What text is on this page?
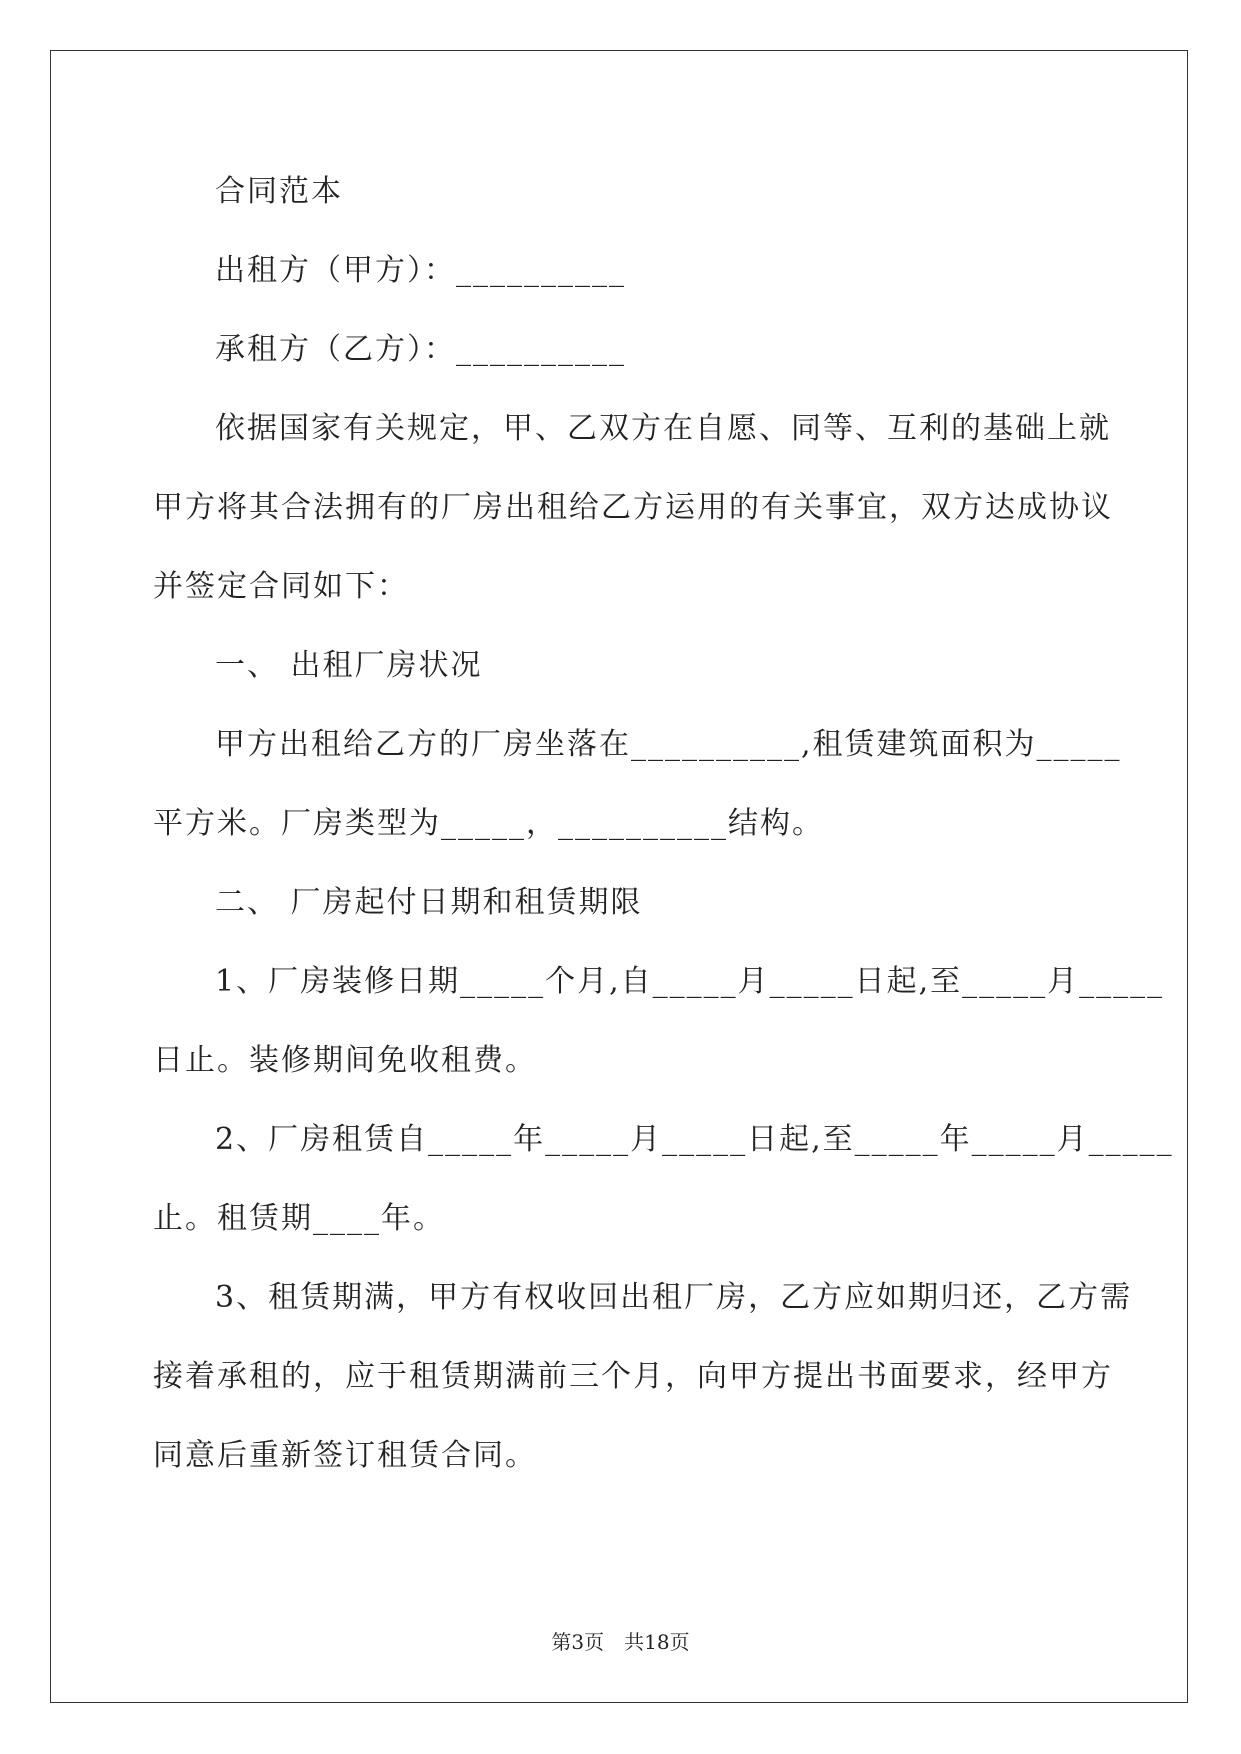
合同范本
出租方（甲方）：__________
承租方（乙方）：__________
依据国家有关规定，甲、乙双方在自愿、同等、互利的基础上就
甲方将其合法拥有的厂房出租给乙方运用的有关事宜，双方达成协议
并签定合同如下：
一、 出租厂房状况
甲方出租给乙方的厂房坐落在__________,租赁建筑面积为_____
平方米。厂房类型为_____，__________结构。
二、 厂房起付日期和租赁期限
1、厂房装修日期_____个月,自_____月_____日起,至_____月_____
日止。装修期间免收租费。
2、厂房租赁自_____年_____月_____日起,至_____年_____月_____
止。租赁期____年。
3、租赁期满，甲方有权收回出租厂房，乙方应如期归还，乙方需
接着承租的，应于租赁期满前三个月，向甲方提出书面要求，经甲方
同意后重新签订租赁合同。
第3页　共18页
